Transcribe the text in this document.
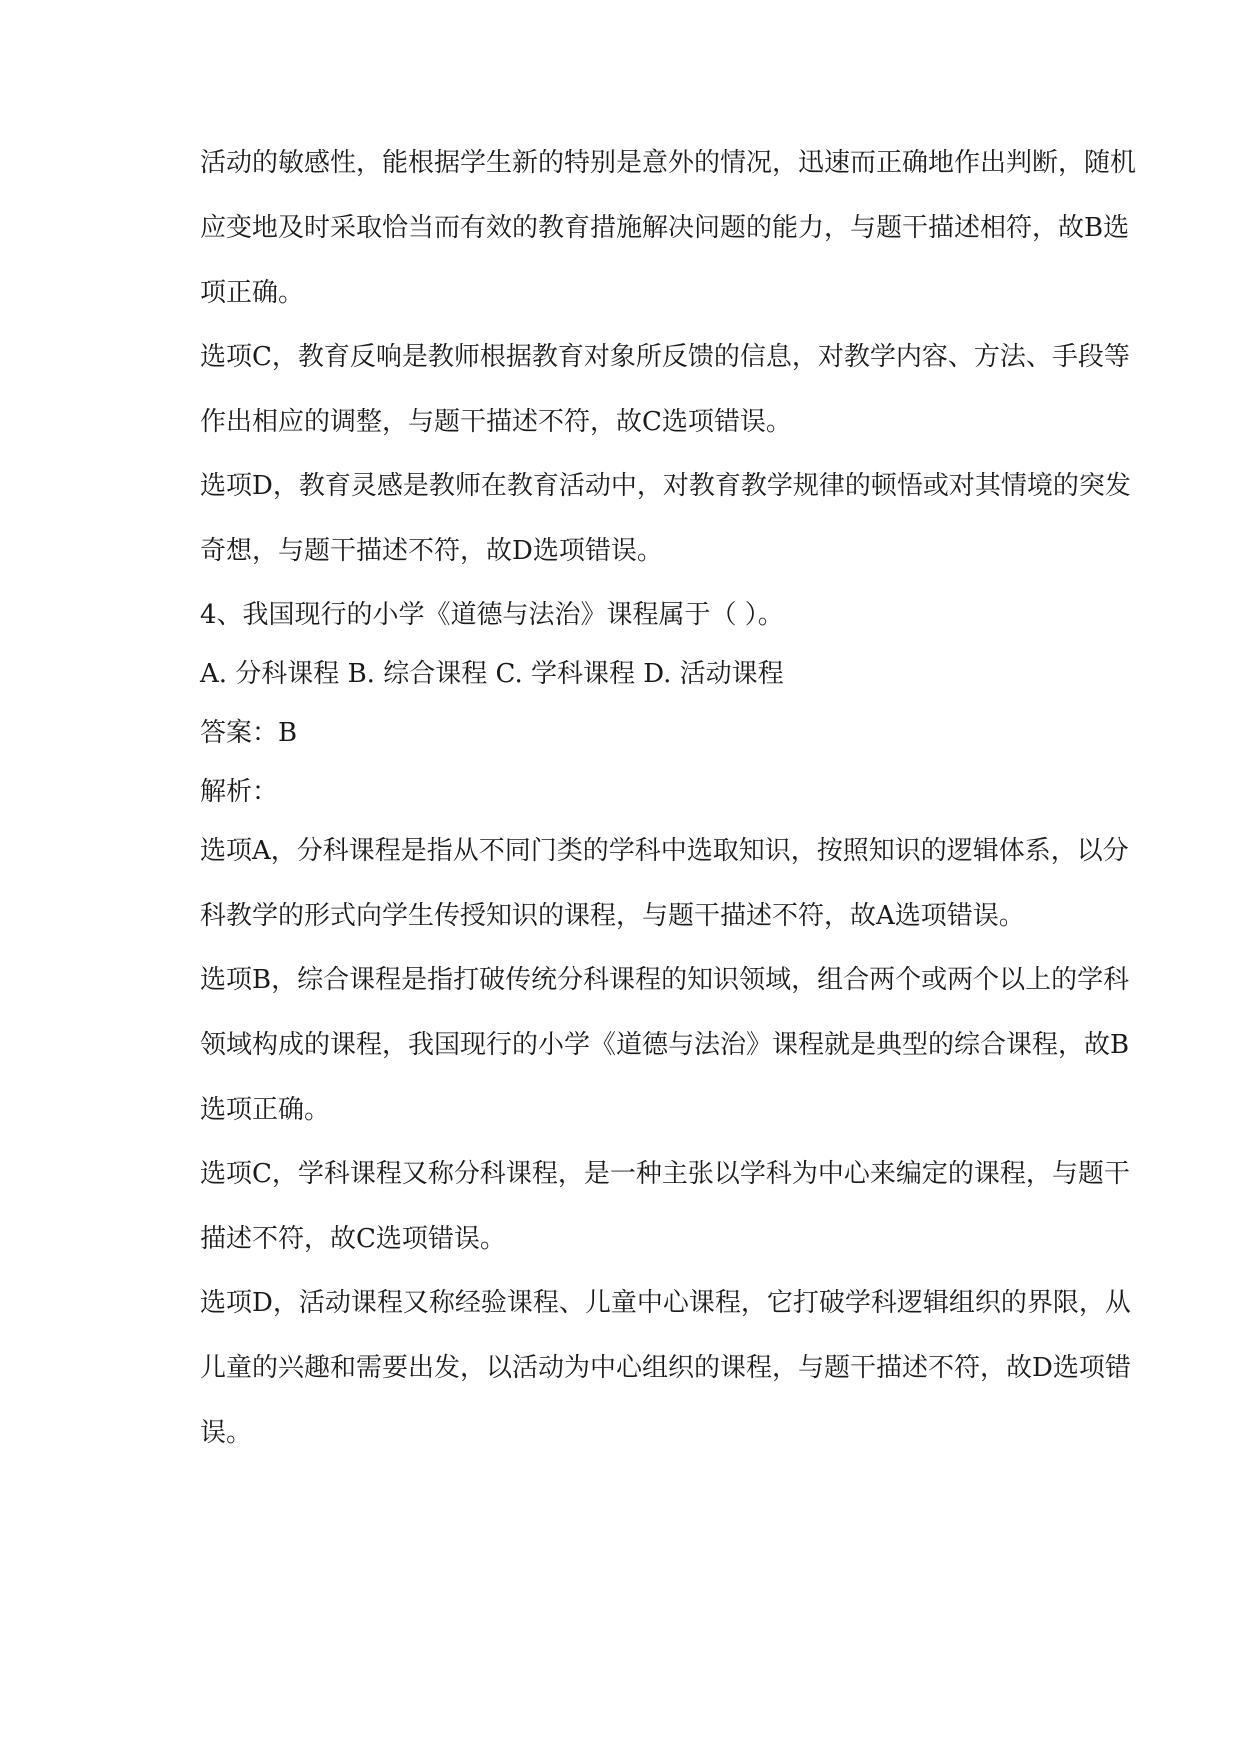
活动的敏感性，能根据学生新的特别是意外的情况，迅速而正确地作出判断，随机

应变地及时采取恰当而有效的教育措施解决问题的能力，与题干描述相符，故B选

项正确。

选项C，教育反响是教师根据教育对象所反馈的信息，对教学内容、方法、手段等

作出相应的调整，与题干描述不符，故C选项错误。

选项D，教育灵感是教师在教育活动中，对教育教学规律的顿悟或对其情境的突发

奇想，与题干描述不符，故D选项错误。

4、我国现行的小学《道德与法治》课程属于（ ）。

A. 分科课程 B. 综合课程 C. 学科课程 D. 活动课程

答案：B

解析：

选项A，分科课程是指从不同门类的学科中选取知识，按照知识的逻辑体系，以分

科教学的形式向学生传授知识的课程，与题干描述不符，故A选项错误。

选项B，综合课程是指打破传统分科课程的知识领域，组合两个或两个以上的学科

领域构成的课程，我国现行的小学《道德与法治》课程就是典型的综合课程，故B

选项正确。

选项C，学科课程又称分科课程，是一种主张以学科为中心来编定的课程，与题干

描述不符，故C选项错误。

选项D，活动课程又称经验课程、儿童中心课程，它打破学科逻辑组织的界限，从

儿童的兴趣和需要出发，以活动为中心组织的课程，与题干描述不符，故D选项错

误。
